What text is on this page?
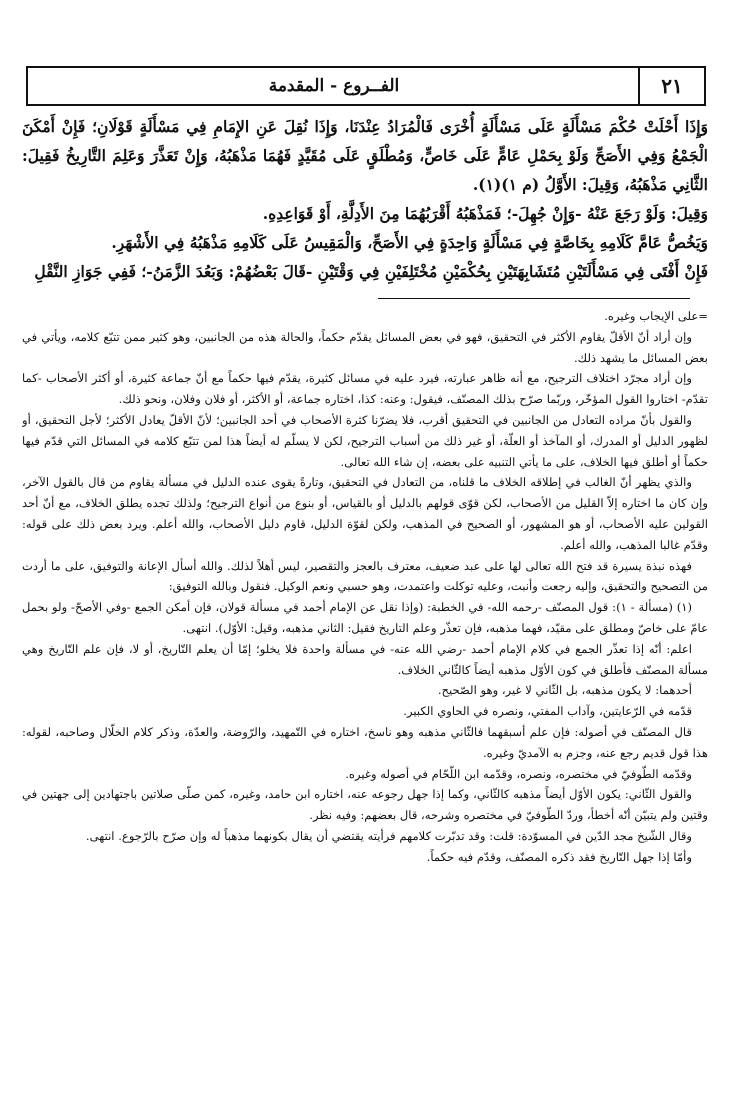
٢١
الفــروع - المقدمة

وَإِذَا أَحْلَتْ حُكْمَ مَسْأَلَةٍ عَلَى مَسْأَلَةٍ أُخْرَى فَالْمُرَادُ عِنْدَنَا، وَإِذَا نُقِلَ عَنِ الإِمَامِ فِي مَسْأَلَةٍ قَوْلَانِ؛ فَإِنْ أَمْكَنَ الْجَمْعُ وَفِي الأَصَحِّ وَلَوْ بِحَمْلِ عَامٍّ عَلَى خَاصٍّ، وَمُطْلَقٍ عَلَى مُقَيَّدٍ فَهُمَا مَذْهَبُهُ، وَإِنْ تَعَذَّرَ وَعَلِمَ التَّارِيخُ فَقِيلَ: الثَّانِي مَذْهَبُهُ، وَقِيلَ: الأَوَّلُ (م ١)(١).

وَقِيلَ: وَلَوْ رَجَعَ عَنْهُ -وَإِنْ جُهِلَ-؛ فَمَذْهَبُهُ أَقْرَبُهُمَا مِنَ الأَدِلَّةِ، أَوْ قَوَاعِدِهِ.

وَيَخُصُّ عَامَّ كَلَامِهِ بِخَاصَّةٍ فِي مَسْأَلَةٍ وَاحِدَةٍ فِي الأَصَحِّ، وَالْمَقِيسُ عَلَى كَلَامِهِ مَذْهَبُهُ فِي الأَشْهَرِ.

فَإِنْ أَفْتَى فِي مَسْأَلَتَيْنِ مُتَشَابِهَتَيْنِ بِحُكْمَيْنِ مُخْتَلِفَيْنِ فِي وَقْتَيْنِ -قَالَ بَعْضُهُمْ: وَبَعُدَ الزَّمَنُ-؛ فَفِي جَوَازِ النَّقْلِ

=على الإيجاب وغيره.

وإن أراد أنّ الأقلّ يقاوم الأكثر في التحقيق، فهو في بعض المسائل يقدّم حكماً، والحالة هذه من الجانبين، وهو كثير ممن تتبّع كلامه، ويأتي في بعض المسائل ما يشهد ذلك.

وإن أراد مجرّد اختلاف الترجيح، مع أنه ظاهر عبارته، فيرد عليه في مسائل كثيرة، يقدّم فيها حكماً مع أنّ جماعة كثيرة، أو أكثر الأصحاب -كما تقدّم- اختاروا القول المؤخّر، وربّما صرّح بذلك المصنّف، فيقول: وعنه: كذا، اختاره جماعة، أو الأكثر، أو فلان وفلان، ونحو ذلك.

والقول بأنّ مراده التعادل من الجانبين في التحقيق أقرب، فلا يضرّنا كثرة الأصحاب في أحد الجانبين؛ لأنّ الأقلّ يعادل الأكثر؛ لأجل التحقيق، أو لظهور الدليل أو المدرك، أو المآخذ أو العلّة، أو غير ذلك من أسباب الترجيح، لكن لا يسلّم له أيضاً هذا لمن تتبّع كلامه في المسائل التي قدّم فيها حكماً أو أطلق فيها الخلاف، على ما يأتي التنبيه على بعضه، إن شاء الله تعالى.

والذي يظهر أنّ الغالب في إطلاقه الخلاف ما قلناه، من التعادل في التحقيق، وتارةً يقوى عنده الدليل في مسألة يقاوم من قال بالقول الآخر، وإن كان ما اختاره إلاّ القليل من الأصحاب، لكن قوّى قولهم بالدليل أو بالقياس، أو بنوع من أنواع الترجيح؛ ولذلك تجده يطلق الخلاف، مع أنّ أحد القولين عليه الأصحاب، أو هو المشهور، أو الصحيح في المذهب، ولكن لقوّة الدليل، قاوم دليل الأصحاب، والله أعلم. ويرد بعض ذلك على قوله: وقدّم غالبا المذهب، والله أعلم.

فهذه نبذة يسيرة قد فتح الله تعالى لها على عبد ضعيف، معترف بالعجز والتقصير، ليس أهلاً لذلك. والله أسأل الإعانة والتوفيق، على ما أردت من التصحيح والتحقيق، وإليه رجعت وأنبت، وعليه توكلت واعتمدت، وهو حسبي ونعم الوكيل. فنقول وبالله التوفيق:

(١) (مسألة - ١): قول المصنّف -رحمه الله- في الخطبة: (وإذا نقل عن الإمام أحمد في مسألة قولان، فإن أمكن الجمع -وفي الأصحّ- ولو بحمل عامّ على خاصّ ومطلق على مقيّد، فهما مذهبه، فإن تعذّر وعلم التاريخ فقيل: الثاني مذهبه، وقيل: الأوّل). انتهى.

اعلم: أنّه إذا تعذّر الجمع في كلام الإمام أحمد -رضي الله عنه- في مسألة واحدة فلا يخلو؛ إمّا أن يعلم التّاريخ، أو لا، فإن علم التّاريخ وهي مسألة المصنّف فأطلق في كون الأوّل مذهبه أيضاً كالثّاني الخلاف.

أحدهما: لا يكون مذهبه، بل الثّاني لا غير، وهو الصّحيح.

قدّمه في الرّعايتين، وآداب المفتي، ونصره في الحاوي الكبير.

قال المصنّف في أصوله: فإن علم أسبقهما فالثّاني مذهبه وهو ناسخ، اختاره في التّمهيد، والرّوضة، والعدّة، وذكر كلام الخلّال وصاحبه، لقوله: هذا قول قديم رجع عنه، وجزم به الآمديّ وغيره.

وقدّمه الطّوفيّ في مختصره، ونصره، وقدّمه ابن اللّحّام في أصوله وغيره.

والقول الثّاني: يكون الأوّل أيضاً مذهبه كالثّاني، وكما إذا جهل رجوعه عنه، اختاره ابن حامد، وغيره، كمن صلّى صلاتين باجتهادين إلى جهتين في وقتين ولم يتبيّن أنّه أخطأ، وردّ الطّوفيّ في مختصره وشرحه، قال بعضهم: وفيه نظر.

وقال الشّيخ مجد الدّين في المسوّدة: قلت: وقد تدبّرت كلامهم فرأيته يقتضي أن يقال بكونهما مذهباً له وإن صرّح بالرّجوع. انتهى.

وأمّا إذا جهل التّاريخ فقد ذكره المصنّف، وقدّم فيه حكماً.
